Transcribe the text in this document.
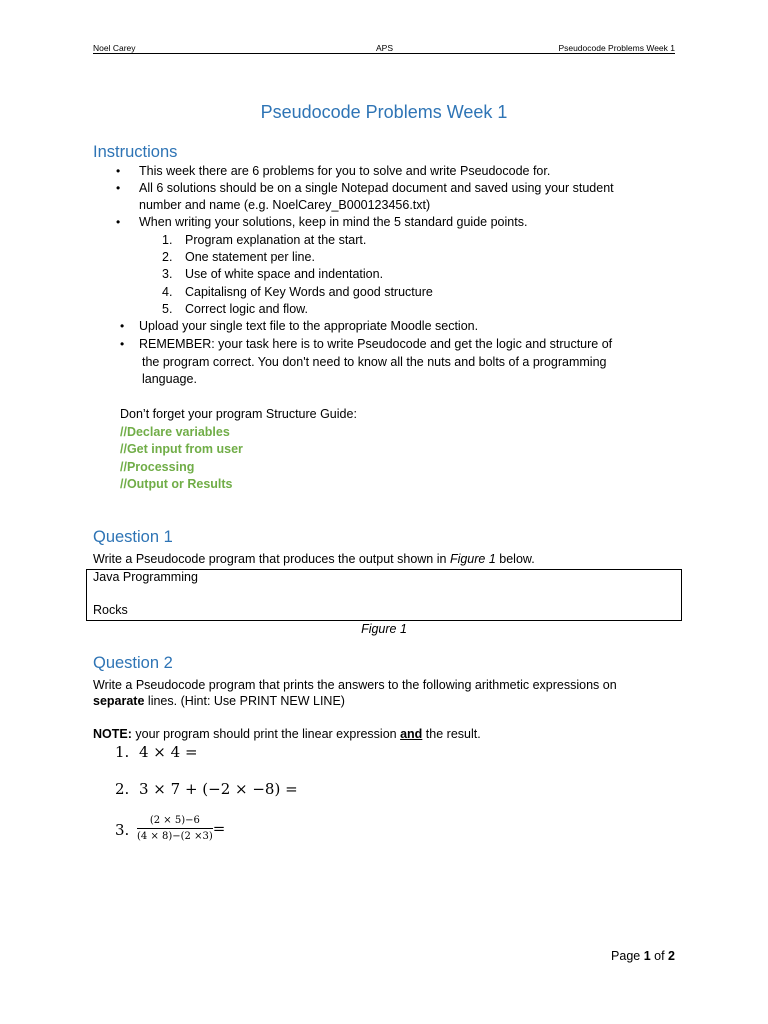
Noel Carey	APS	Pseudocode Problems Week 1
Pseudocode Problems Week 1
Instructions
• This week there are 6 problems for you to solve and write Pseudocode for.
• All 6 solutions should be on a single Notepad document and saved using your student
number and name (e.g. NoelCarey_B000123456.txt)
• When writing your solutions, keep in mind the 5 standard guide points.
1. Program explanation at the start.
2. One statement per line.
3. Use of white space and indentation.
4. Capitalisng of Key Words and good structure
5. Correct logic and flow.
• Upload your single text file to the appropriate Moodle section.
• REMEMBER: your task here is to write Pseudocode and get the logic and structure of
the program correct. You don't need to know all the nuts and bolts of a programming
language.
Don’t forget your program Structure Guide:
//Declare variables
//Get input from user
//Processing
//Output or Results
Question 1
Write a Pseudocode program that produces the output shown in Figure 1 below.
Java Programming
Rocks
Figure 1
Question 2
Write a Pseudocode program that prints the answers to the following arithmetic expressions on
separate lines. (Hint: Use PRINT NEW LINE)
NOTE: your program should print the linear expression and the result.
1. 4 × 4 =
2. 3 × 7 + (−2 × −8) =
3. $\frac{(2 \times 5)-6}{(4 \times 8)-(2 \times 3)}$ =
Page 1 of 2
